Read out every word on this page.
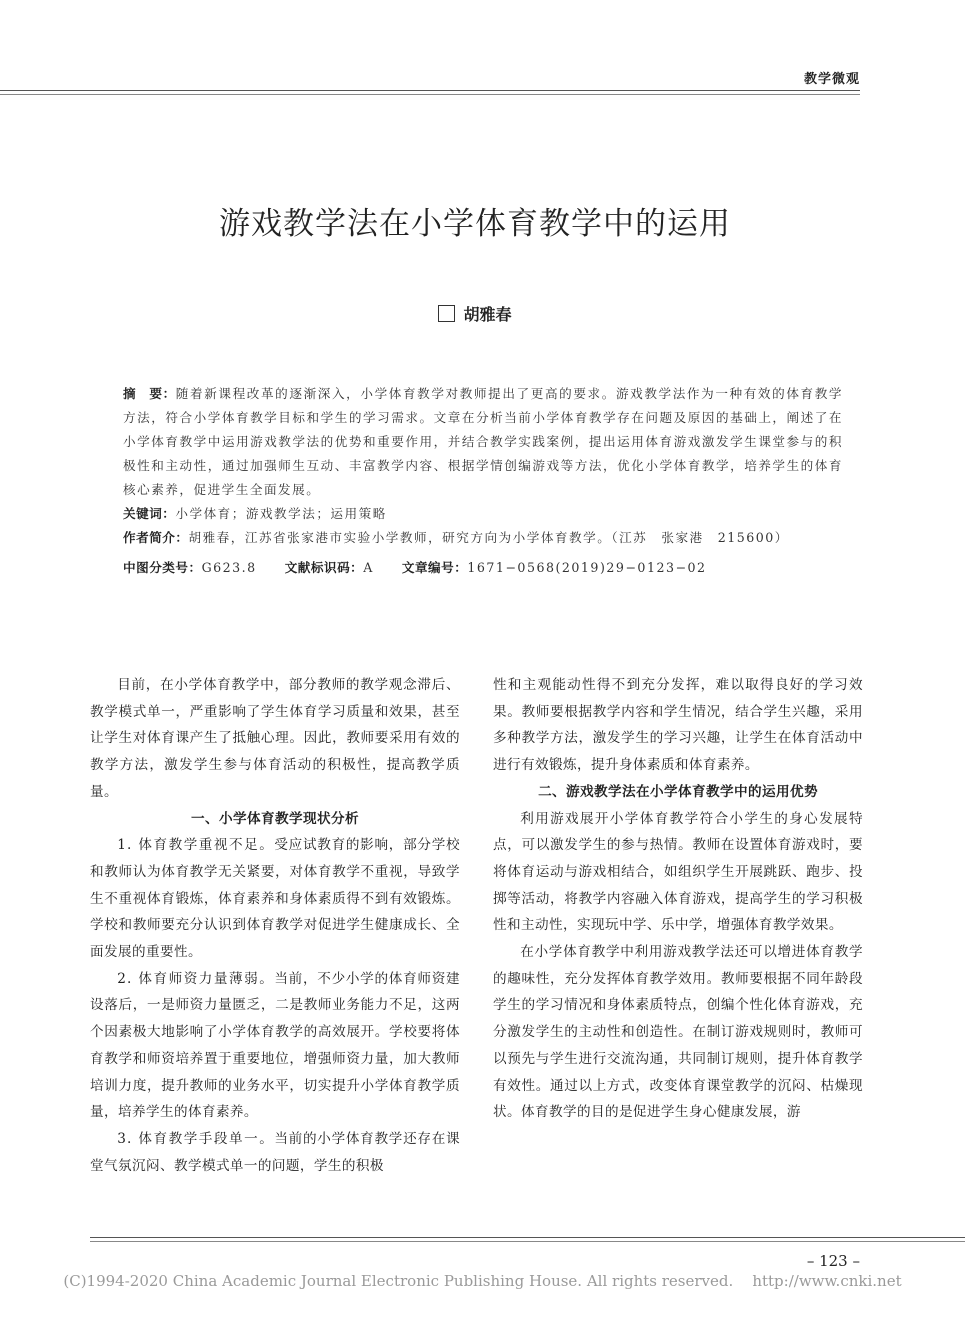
教学微观
游戏教学法在小学体育教学中的运用
胡雅春

摘　要：随着新课程改革的逐渐深入，小学体育教学对教师提出了更高的要求。游戏教学法作为一种有效的体育教学方法，符合小学体育教学目标和学生的学习需求。文章在分析当前小学体育教学存在问题及原因的基础上，阐述了在小学体育教学中运用游戏教学法的优势和重要作用，并结合教学实践案例，提出运用体育游戏激发学生课堂参与的积极性和主动性，通过加强师生互动、丰富教学内容、根据学情创编游戏等方法，优化小学体育教学，培养学生的体育核心素养，促进学生全面发展。

关键词：小学体育；游戏教学法；运用策略

作者简介：胡雅春，江苏省张家港市实验小学教师，研究方向为小学体育教学。（江苏　张家港　215600）

中图分类号：G623.8 文献标识码：A 文章编号：1671−0568(2019)29−0123−02

目前，在小学体育教学中，部分教师的教学观念滞后、教学模式单一，严重影响了学生体育学习质量和效果，甚至让学生对体育课产生了抵触心理。因此，教师要采用有效的教学方法，激发学生参与体育活动的积极性，提高教学质量。

一、小学体育教学现状分析

1. 体育教学重视不足。受应试教育的影响，部分学校和教师认为体育教学无关紧要，对体育教学不重视，导致学生不重视体育锻炼，体育素养和身体素质得不到有效锻炼。学校和教师要充分认识到体育教学对促进学生健康成长、全面发展的重要性。

2. 体育师资力量薄弱。当前，不少小学的体育师资建设落后，一是师资力量匮乏，二是教师业务能力不足，这两个因素极大地影响了小学体育教学的高效展开。学校要将体育教学和师资培养置于重要地位，增强师资力量，加大教师培训力度，提升教师的业务水平，切实提升小学体育教学质量，培养学生的体育素养。

3. 体育教学手段单一。当前的小学体育教学还存在课堂气氛沉闷、教学模式单一的问题，学生的积极

性和主观能动性得不到充分发挥，难以取得良好的学习效果。教师要根据教学内容和学生情况，结合学生兴趣，采用多种教学方法，激发学生的学习兴趣，让学生在体育活动中进行有效锻炼，提升身体素质和体育素养。

二、游戏教学法在小学体育教学中的运用优势

利用游戏展开小学体育教学符合小学生的身心发展特点，可以激发学生的参与热情。教师在设置体育游戏时，要将体育运动与游戏相结合，如组织学生开展跳跃、跑步、投掷等活动，将教学内容融入体育游戏，提高学生的学习积极性和主动性，实现玩中学、乐中学，增强体育教学效果。

在小学体育教学中利用游戏教学法还可以增进体育教学的趣味性，充分发挥体育教学效用。教师要根据不同年龄段学生的学习情况和身体素质特点，创编个性化体育游戏，充分激发学生的主动性和创造性。在制订游戏规则时，教师可以预先与学生进行交流沟通，共同制订规则，提升体育教学有效性。通过以上方式，改变体育课堂教学的沉闷、枯燥现状。体育教学的目的是促进学生身心健康发展，游

– 123 –
(C)1994-2020 China Academic Journal Electronic Publishing House. All rights reserved.    http://www.cnki.net
